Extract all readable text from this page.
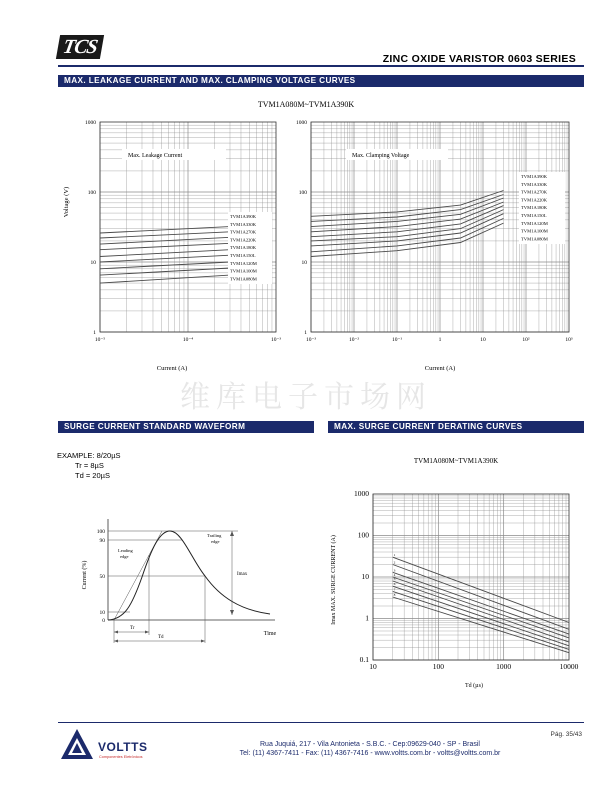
TCS
ZINC OXIDE VARISTOR 0603 SERIES
MAX. LEAKAGE CURRENT AND MAX. CLAMPING VOLTAGE CURVES
TVM1A080M~TVM1A390K
10⁻⁵	10⁻⁴	10⁻³
1000
100
10
1
Max. Leakage Current
TVM1A390K
TVM1A330K
TVM1A270K
TVM1A220K
TVM1A180K
TVM1A150L
TVM1A120M
TVM1A100M
TVM1A080M
Current (A)
Voltage (V)
10⁻³	10⁻²	10⁻¹	1	10	10²	10³
1000
100
10
1
Max. Clamping Voltage
TVM1A390K
TVM1A330K
TVM1A270K
TVM1A220K
TVM1A180K
TVM1A150L
TVM1A120M
TVM1A100M
TVM1A080M
Current (A)
维库电子市场网
SURGE CURRENT STANDARD WAVEFORM	MAX. SURGE CURRENT DERATING CURVES
EXAMPLE: 8/20µS
Tr = 8µS
Td = 20µS
100
90
50
10
0
Current (%)
Time
Leading
edge
Trailing
edge
Imax
Tr
Td
TVM1A080M~TVM1A390K
10	100	1000	10000
1000
100
10
1
0.1
1
2
3
4
5
6
7
8
Td (µs)
Imax MAX. SURGE CURRENT (A)
VOLTTS
Componentes Eletrônicos
Pág. 35/43
Rua Juquiá, 217 - Vila Antonieta - S.B.C. - Cep:09629-040 - SP - Brasil
Tel: (11) 4367-7411 - Fax: (11) 4367-7416 - www.voltts.com.br - voltts@voltts.com.br
